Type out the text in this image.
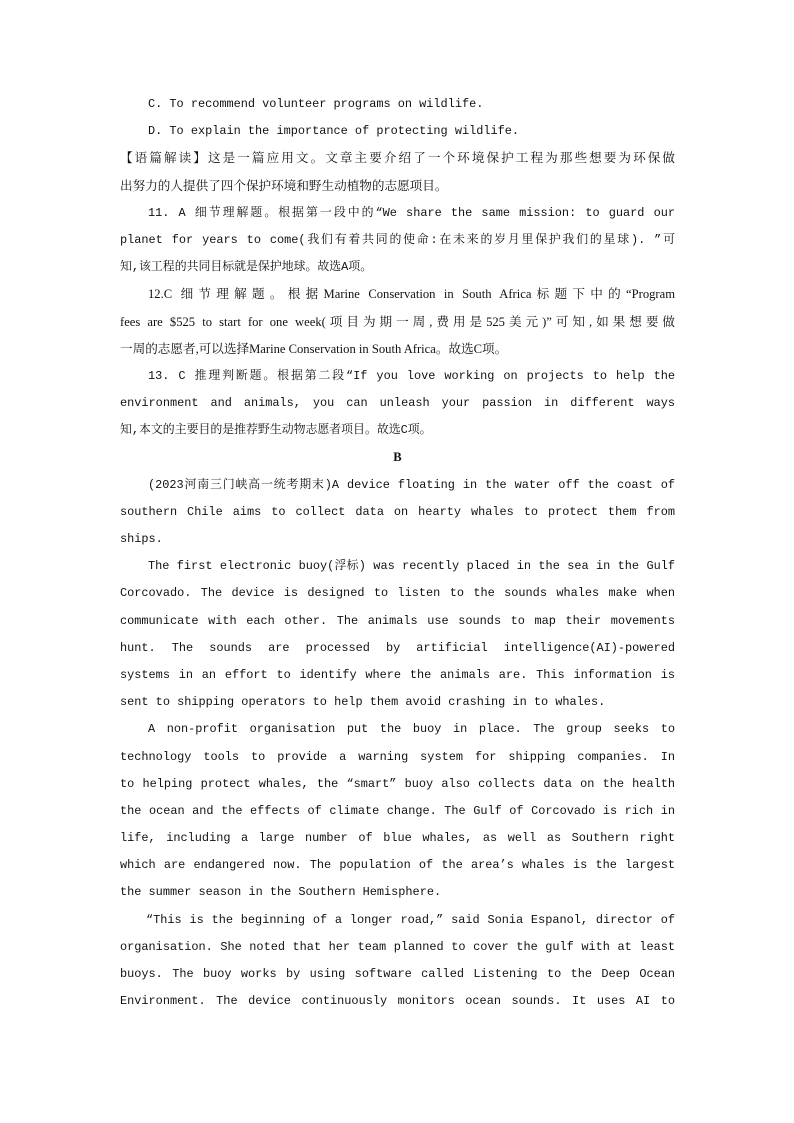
C. To recommend volunteer programs on wildlife.
D. To explain the importance of protecting wildlife.
【语篇解读】这是一篇应用文。文章主要介绍了一个环境保护工程为那些想要为环保做
出努力的人提供了四个保护环境和野生动植物的志愿项目。
11. A 细节理解题。根据第一段中的“We share the same mission: to guard our
planet for years to come(我们有着共同的使命:在未来的岁月里保护我们的星球). ”可
知,该工程的共同目标就是保护地球。故选A项。
12.C 细节理解题。根据Marine Conservation in South Africa标题下中的“Program
fees are $525 to start for one week(项目为期一周,费用是525美元)”可知,如果想要做
一周的志愿者,可以选择Marine Conservation in South Africa。故选C项。
13. C 推理判断题。根据第二段“If you love working on projects to help the
environment and animals, you can unleash your passion in different ways
知,本文的主要目的是推荐野生动物志愿者项目。故选C项。
B
(2023河南三门峡高一统考期末)A device floating in the water off the coast of
southern Chile aims to collect data on hearty whales to protect them from
ships.
The first electronic buoy(浮标) was recently placed in the sea in the Gulf
Corcovado. The device is designed to listen to the sounds whales make when
communicate with each other. The animals use sounds to map their movements
hunt. The sounds are processed by artificial intelligence(AI)-powered
systems in an effort to identify where the animals are. This information is
sent to shipping operators to help them avoid crashing in to whales.
A non-profit organisation put the buoy in place. The group seeks to
technology tools to provide a warning system for shipping companies. In
to helping protect whales, the “smart” buoy also collects data on the health
the ocean and the effects of climate change. The Gulf of Corcovado is rich in
life, including a large number of blue whales, as well as Southern right
which are endangered now. The population of the area’s whales is the largest
the summer season in the Southern Hemisphere.
“This is the beginning of a longer road,” said Sonia Espanol, director of
organisation. She noted that her team planned to cover the gulf with at least
buoys. The buoy works by using software called Listening to the Deep Ocean
Environment. The device continuously monitors ocean sounds. It uses AI to
